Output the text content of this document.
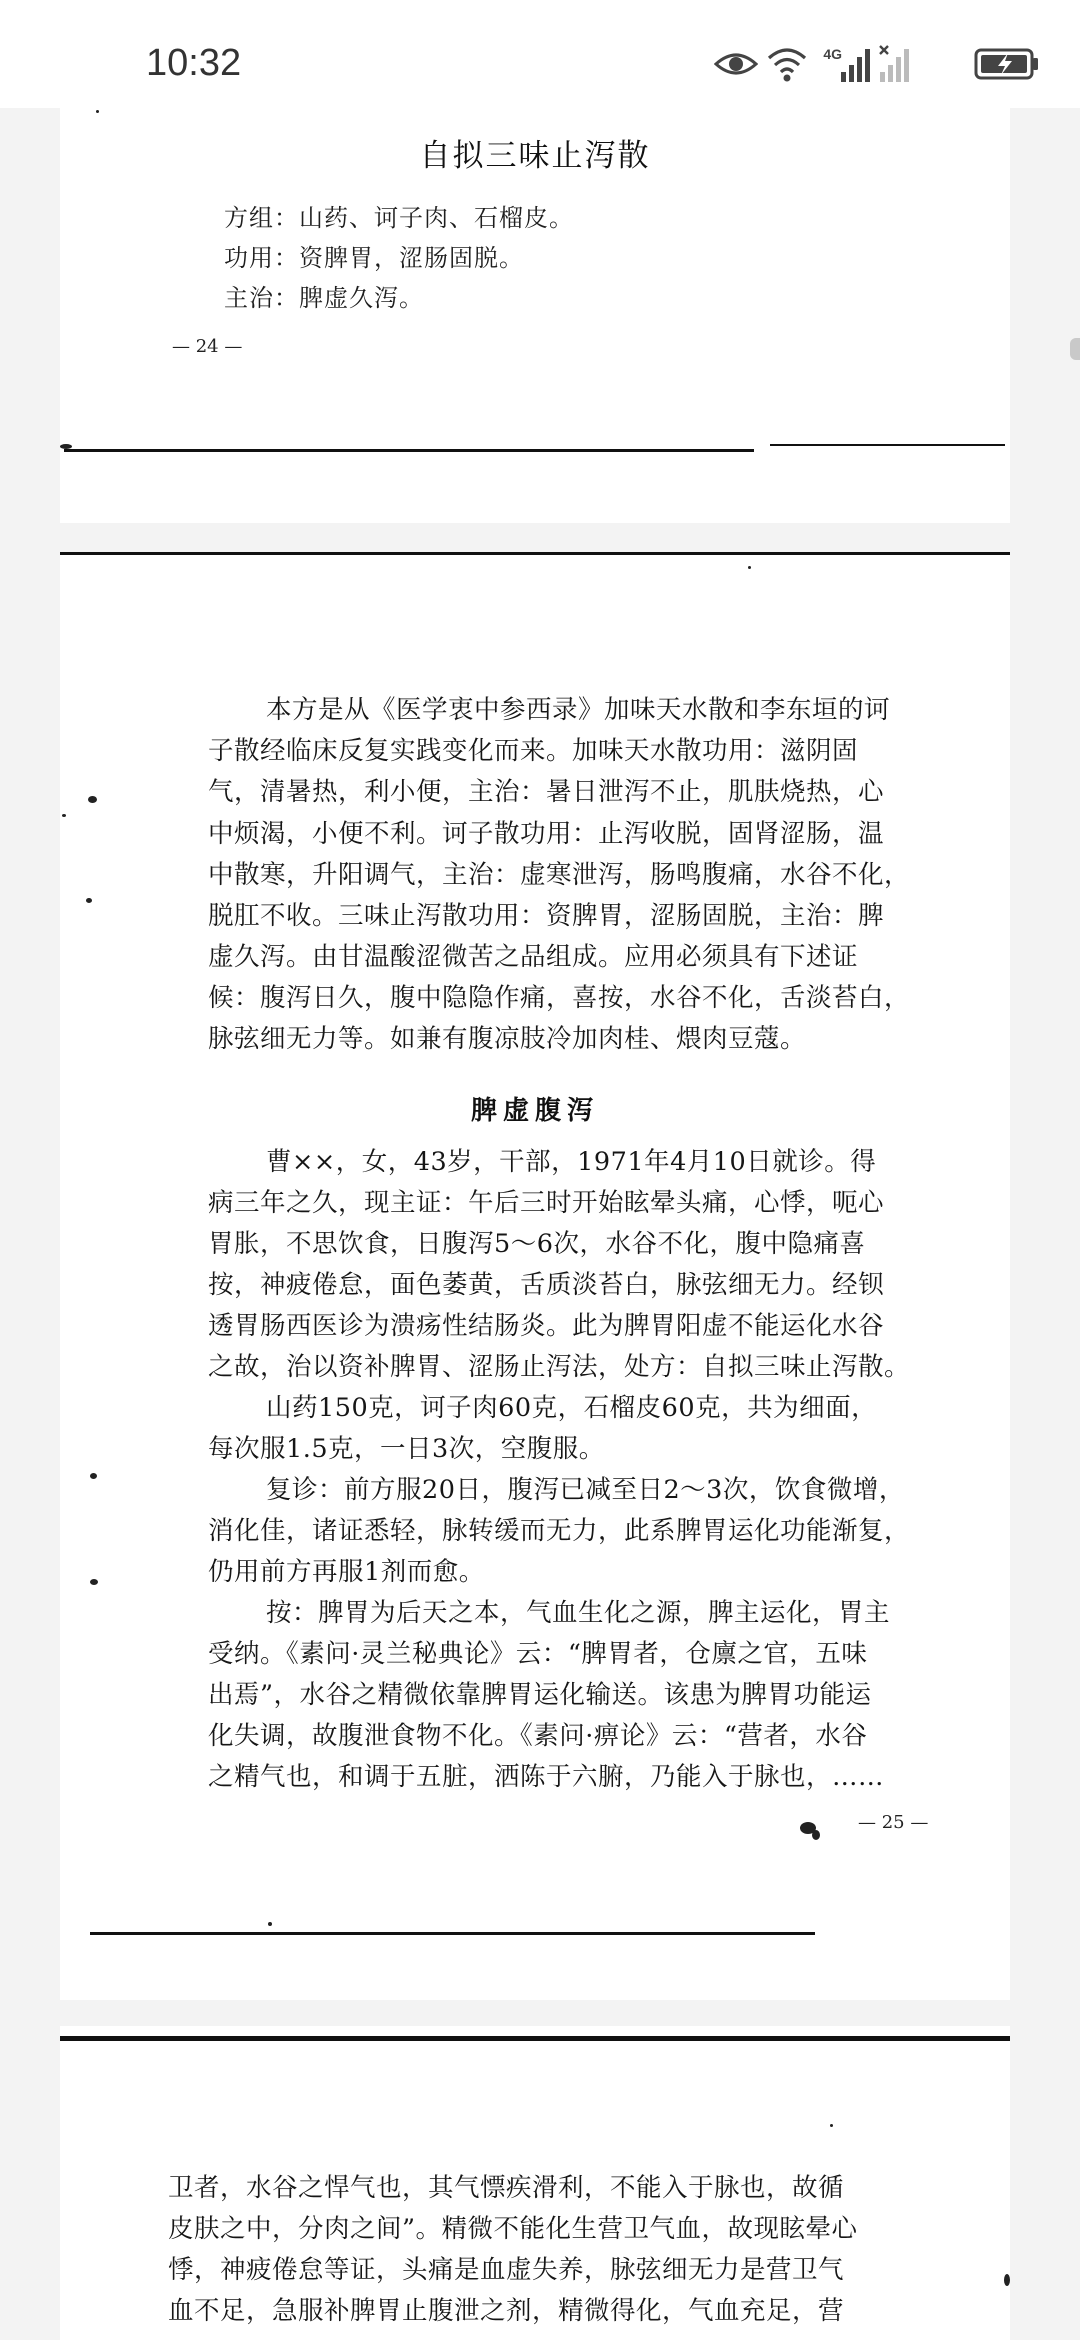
10:32	4G
自拟三味止泻散
方组：山药、诃子肉、石榴皮。
功用：资脾胃，涩肠固脱。
主治：脾虚久泻。
— 24 —
本方是从《医学衷中参西录》加味天水散和李东垣的诃
子散经临床反复实践变化而来。加味天水散功用：滋阴固
气，清暑热，利小便，主治：暑日泄泻不止，肌肤烧热，心
中烦渴，小便不利。诃子散功用：止泻收脱，固肾涩肠，温
中散寒，升阳调气，主治：虚寒泄泻，肠鸣腹痛，水谷不化，
脱肛不收。三味止泻散功用：资脾胃，涩肠固脱，主治：脾
虚久泻。由甘温酸涩微苦之品组成。应用必须具有下述证
候：腹泻日久，腹中隐隐作痛，喜按，水谷不化，舌淡苔白，
脉弦细无力等。如兼有腹凉肢冷加肉桂、煨肉豆蔻。
脾虚腹泻
曹××，女，43岁，干部，1971年4月10日就诊。得
病三年之久，现主证：午后三时开始眩晕头痛，心悸，呃心
胃胀，不思饮食，日腹泻5～6次，水谷不化，腹中隐痛喜
按，神疲倦怠，面色萎黄，舌质淡苔白，脉弦细无力。经钡
透胃肠西医诊为溃疡性结肠炎。此为脾胃阳虚不能运化水谷
之故，治以资补脾胃、涩肠止泻法，处方：自拟三味止泻散。
山药150克，诃子肉60克，石榴皮60克，共为细面，
每次服1.5克，一日3次，空腹服。
复诊：前方服20日，腹泻已减至日2～3次，饮食微增，
消化佳，诸证悉轻，脉转缓而无力，此系脾胃运化功能渐复，
仍用前方再服1剂而愈。
按：脾胃为后天之本，气血生化之源，脾主运化，胃主
受纳。《素问·灵兰秘典论》云：“脾胃者，仓廪之官，五味
出焉”，水谷之精微依靠脾胃运化输送。该患为脾胃功能运
化失调，故腹泄食物不化。《素问·痹论》云：“营者，水谷
之精气也，和调于五脏，洒陈于六腑，乃能入于脉也，……
— 25 —
卫者，水谷之悍气也，其气慓疾滑利，不能入于脉也，故循
皮肤之中，分肉之间”。精微不能化生营卫气血，故现眩晕心
悸，神疲倦怠等证，头痛是血虚失养，脉弦细无力是营卫气
血不足，急服补脾胃止腹泄之剂，精微得化，气血充足，营
